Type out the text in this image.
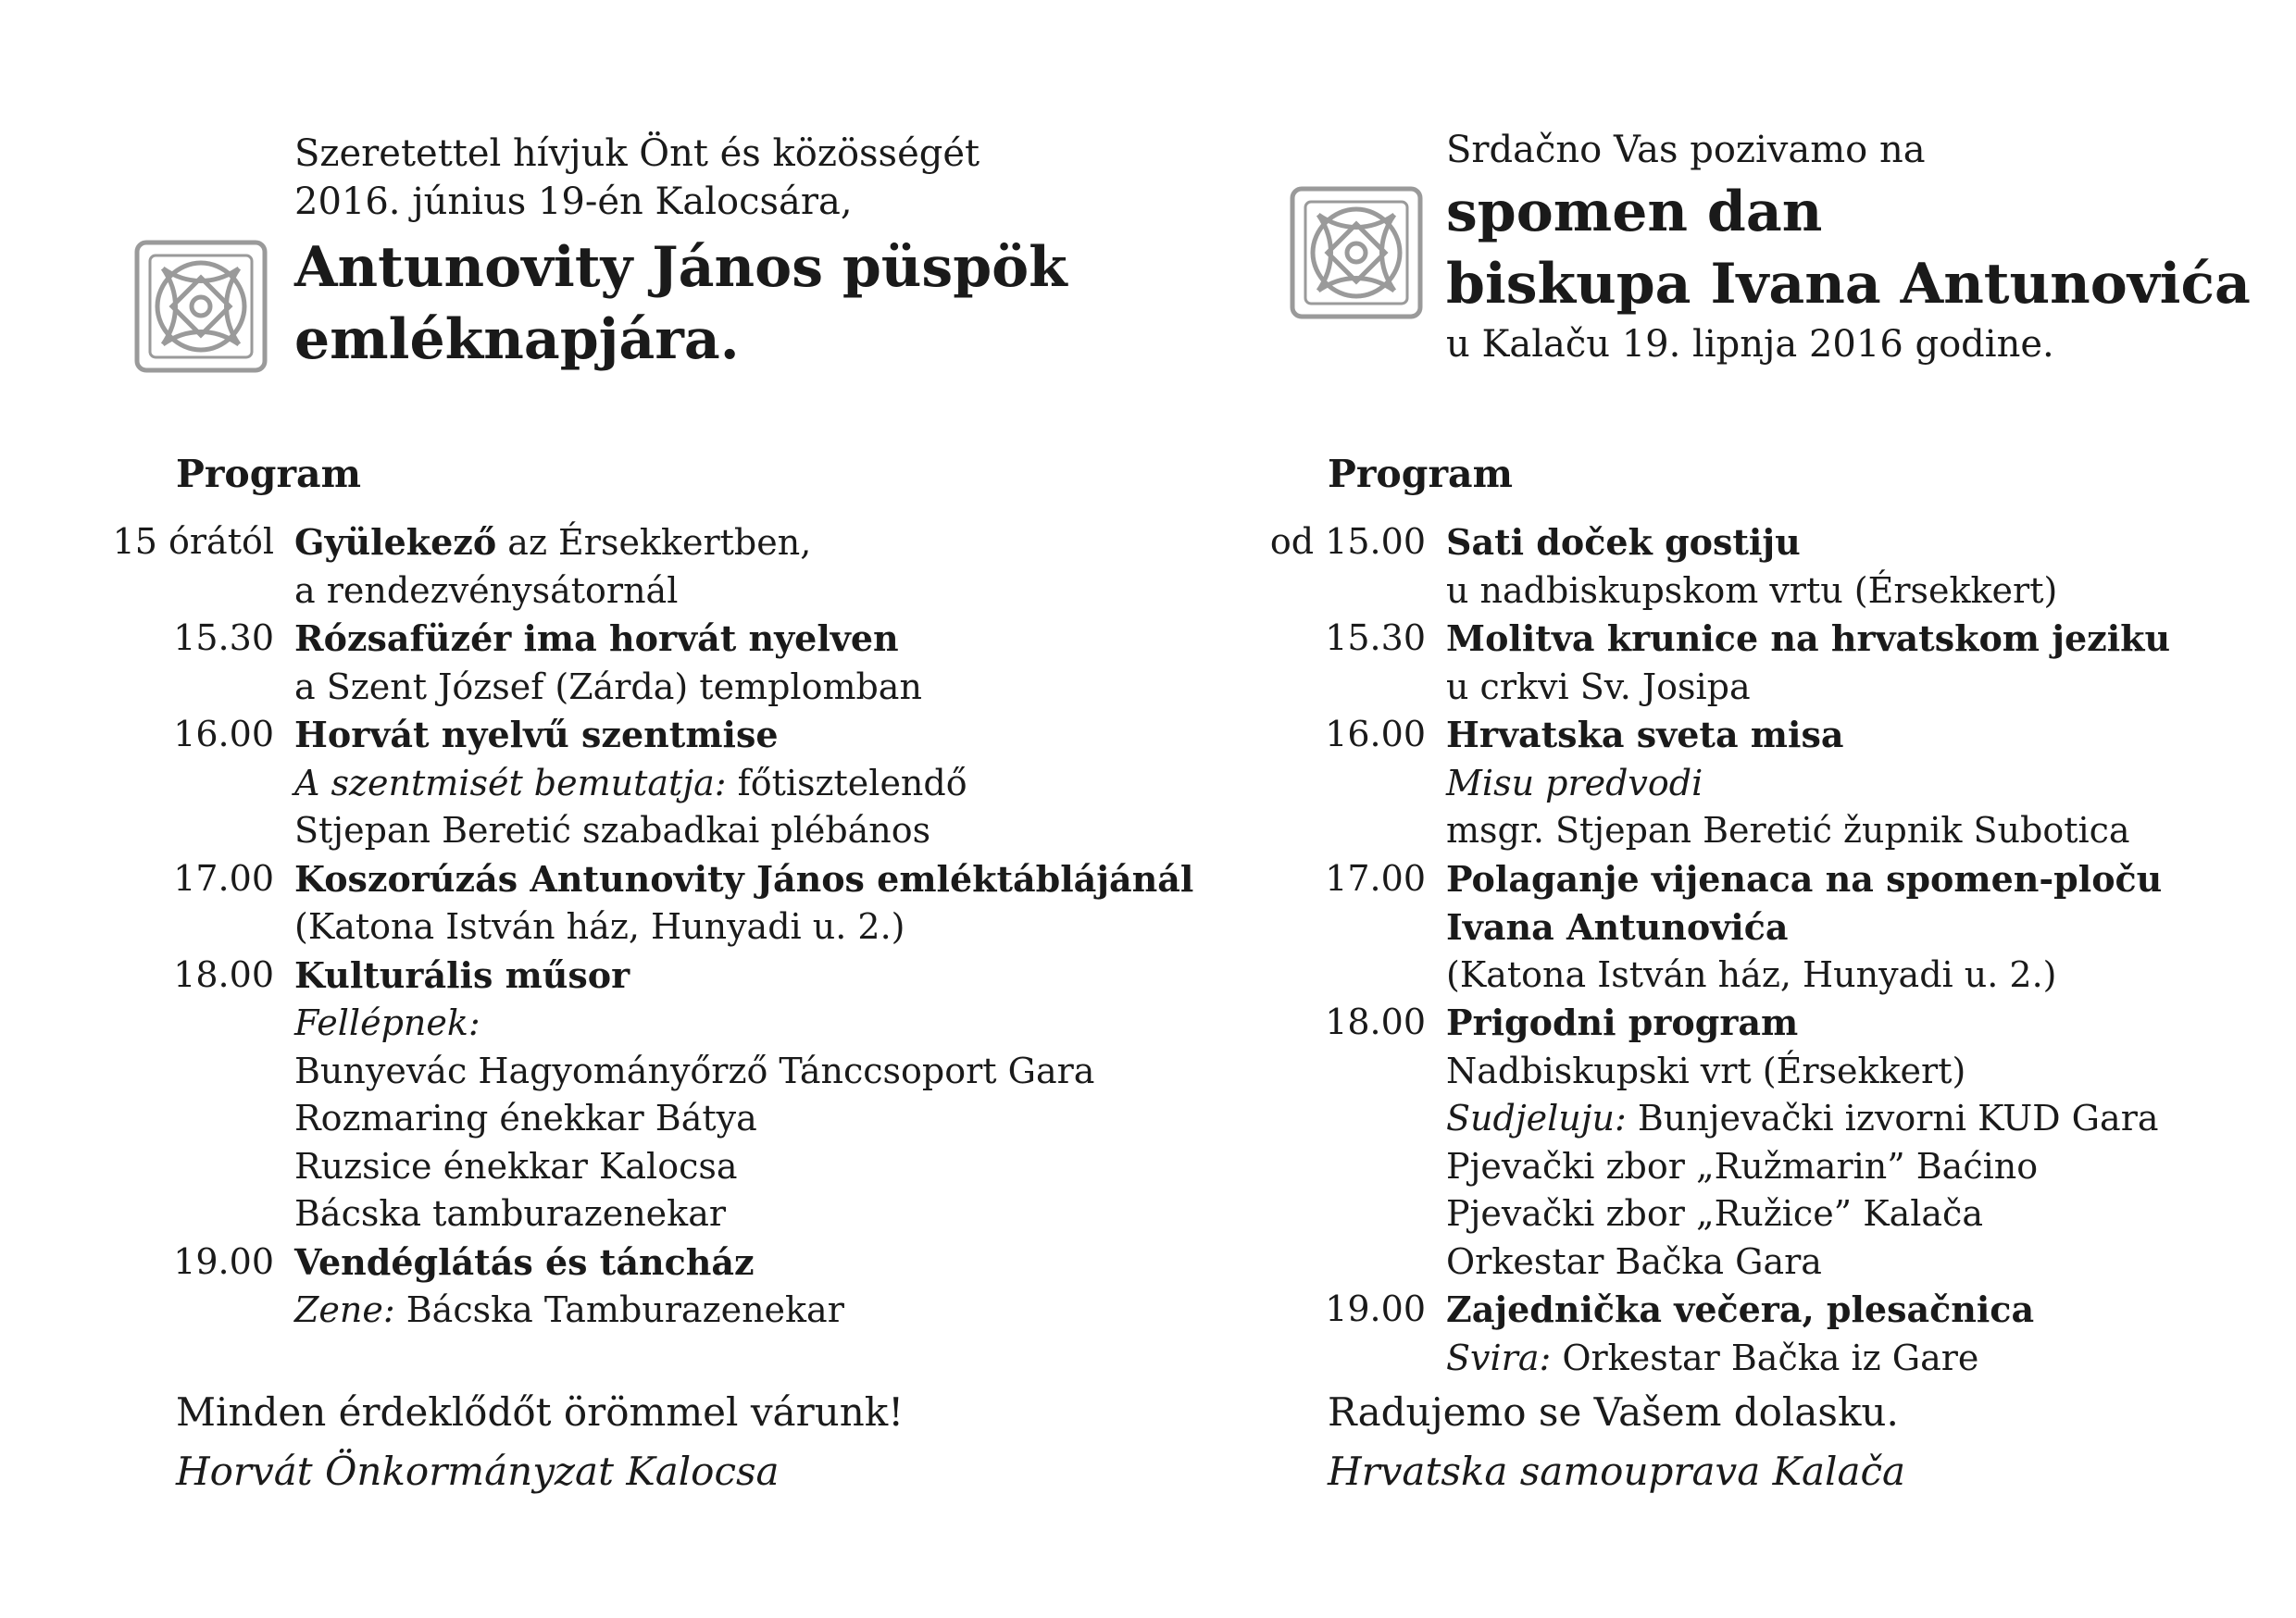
Szeretettel hívjuk Önt és közösségét
2016. június 19-én Kalocsára,
Antunovity János püspök
emléknapjára.
Program
15 órától Gyülekező az Érsekkertben,
a rendezvénysátornál
15.30 Rózsafüzér ima horvát nyelven
a Szent József (Zárda) templomban
16.00 Horvát nyelvű szentmise
A szentmisét bemutatja: főtisztelendő
Stjepan Beretić szabadkai plébános
17.00 Koszorúzás Antunovity János emléktáblájánál
(Katona István ház, Hunyadi u. 2.)
18.00 Kulturális műsor
Fellépnek:
Bunyevác Hagyományőrző Tánccsoport Gara
Rozmaring énekkar Bátya
Ruzsice énekkar Kalocsa
Bácska tamburazenekar
19.00 Vendéglátás és táncház
Zene: Bácska Tamburazenekar
Minden érdeklődőt örömmel várunk!
Horvát Önkormányzat Kalocsa
Srdačno Vas pozivamo na
spomen dan
biskupa Ivana Antunovića
u Kalaču 19. lipnja 2016 godine.
Program
od 15.00 Sati doček gostiju
u nadbiskupskom vrtu (Érsekkert)
15.30 Molitva krunice na hrvatskom jeziku
u crkvi Sv. Josipa
16.00 Hrvatska sveta misa
Misu predvodi
msgr. Stjepan Beretić župnik Subotica
17.00 Polaganje vijenaca na spomen-ploču
Ivana Antunovića
(Katona István ház, Hunyadi u. 2.)
18.00 Prigodni program
Nadbiskupski vrt (Érsekkert)
Sudjeluju: Bunjevački izvorni KUD Gara
Pjevački zbor „Ružmarin” Baćino
Pjevački zbor „Ružice” Kalača
Orkestar Bačka Gara
19.00 Zajednička večera, plesačnica
Svira: Orkestar Bačka iz Gare
Radujemo se Vašem dolasku.
Hrvatska samouprava Kalača
